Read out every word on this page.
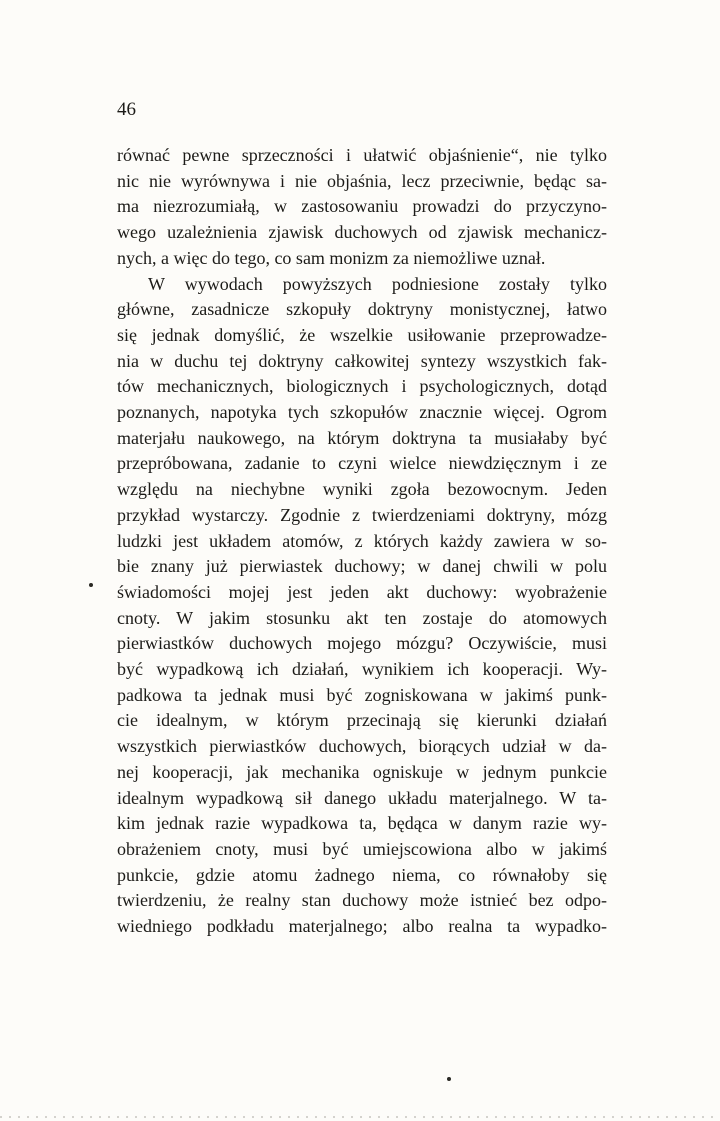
46
równać pewne sprzeczności i ułatwić objaśnienie“, nie tylko
nic nie wyrównywa i nie objaśnia, lecz przeciwnie, będąc sa-
ma niezrozumiałą, w zastosowaniu prowadzi do przyczyno-
wego uzależnienia zjawisk duchowych od zjawisk mechanicz-
nych, a więc do tego, co sam monizm za niemożliwe uznał.
W wywodach powyższych podniesione zostały tylko
główne, zasadnicze szkopuły doktryny monistycznej, łatwo
się jednak domyślić, że wszelkie usiłowanie przeprowadze-
nia w duchu tej doktryny całkowitej syntezy wszystkich fak-
tów mechanicznych, biologicznych i psychologicznych, dotąd
poznanych, napotyka tych szkopułów znacznie więcej. Ogrom
materjału naukowego, na którym doktryna ta musiałaby być
przepróbowana, zadanie to czyni wielce niewdzięcznym i ze
względu na niechybne wyniki zgoła bezowocnym. Jeden
przykład wystarczy. Zgodnie z twierdzeniami doktryny, mózg
ludzki jest układem atomów, z których każdy zawiera w so-
bie znany już pierwiastek duchowy; w danej chwili w polu
świadomości mojej jest jeden akt duchowy: wyobrażenie
cnoty. W jakim stosunku akt ten zostaje do atomowych
pierwiastków duchowych mojego mózgu? Oczywiście, musi
być wypadkową ich działań, wynikiem ich kooperacji. Wy-
padkowa ta jednak musi być zogniskowana w jakimś punk-
cie idealnym, w którym przecinają się kierunki działań
wszystkich pierwiastków duchowych, biorących udział w da-
nej kooperacji, jak mechanika ogniskuje w jednym punkcie
idealnym wypadkową sił danego układu materjalnego. W ta-
kim jednak razie wypadkowa ta, będąca w danym razie wy-
obrażeniem cnoty, musi być umiejscowiona albo w jakimś
punkcie, gdzie atomu żadnego niema, co równałoby się
twierdzeniu, że realny stan duchowy może istnieć bez odpo-
wiedniego podkładu materjalnego; albo realna ta wypadko-
